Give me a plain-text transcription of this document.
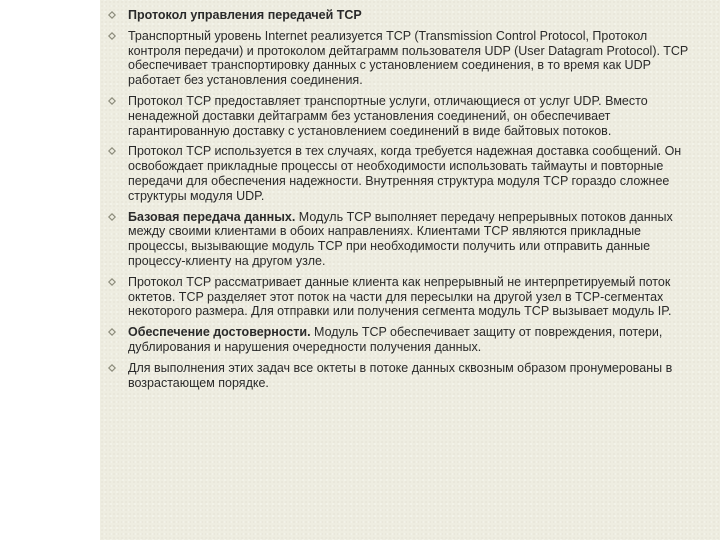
Протокол управления передачей TCP
Транспортный уровень Internet реализуется TCP (Transmission Control Protocol, Протокол контроля передачи) и протоколом дейтаграмм пользователя UDP (User Datagram Protocol). TCP обеспечивает транспортировку данных с установлением соединения, в то время как UDP работает без установления соединения.
Протокол TCP предоставляет транспортные услуги, отличающиеся от услуг UDP. Вместо ненадежной доставки дейтаграмм без установления соединений, он обеспечивает гарантированную доставку с установлением соединений в виде байтовых потоков.
Протокол TCP используется в тех случаях, когда требуется надежная доставка сообщений. Он освобождает прикладные процессы от необходимости использовать таймауты и повторные передачи для обеспечения надежности. Внутренняя структура модуля TCP гораздо сложнее структуры модуля UDP.
Базовая передача данных. Модуль TCP выполняет передачу непрерывных потоков данных между своими клиентами в обоих направлениях. Клиентами TCP являются прикладные процессы, вызывающие модуль TCP при необходимости получить или отправить данные процессу-клиенту на другом узле.
Протокол TCP рассматривает данные клиента как непрерывный не интерпретируемый поток октетов. TCP разделяет этот поток на части для пересылки на другой узел в TCP-сегментах некоторого размера. Для отправки или получения сегмента модуль TCP вызывает модуль IP.
Обеспечение достоверности. Модуль TCP обеспечивает защиту от повреждения, потери, дублирования и нарушения очередности получения данных.
Для выполнения этих задач все октеты в потоке данных сквозным образом пронумерованы в возрастающем порядке.
